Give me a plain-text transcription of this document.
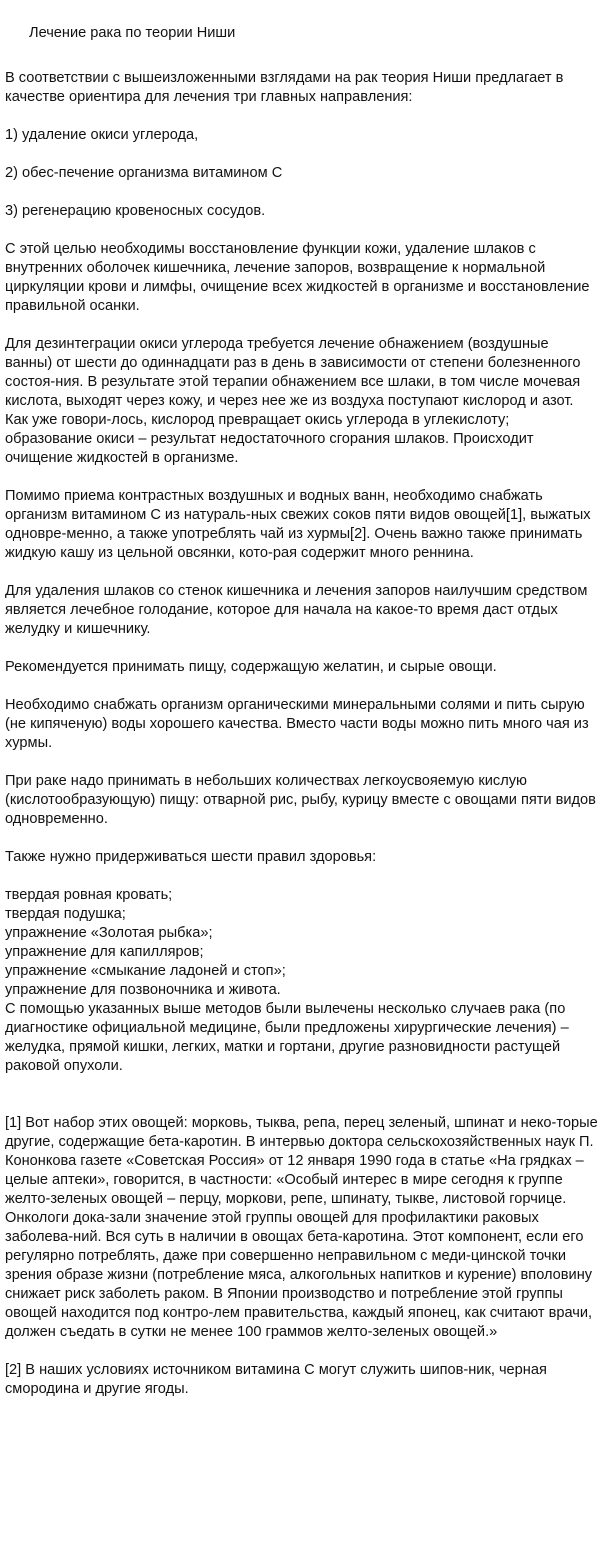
Лечение рака по теории Ниши

В соответствии с вышеизложенными взглядами на рак теория Ниши предлагает в качестве ориентира для лечения три главных направления:

1) удаление окиси углерода,

2) обес-печение организма витамином С

3) регенерацию кровеносных сосудов.

С этой целью необходимы восстановление функции кожи, удаление шлаков с внутренних оболочек кишечника, лечение запоров, возвращение к нормальной циркуляции крови и лимфы, очищение всех жидкостей в организме и восстановление правильной осанки.

Для дезинтеграции окиси углерода требуется лечение обнажением (воздушные ванны) от шести до одиннадцати раз в день в зависимости от степени болезненного состоя-ния. В результате этой терапии обнажением все шлаки, в том числе мочевая кислота, выходят через кожу, и через нее же из воздуха поступают кислород и азот. Как уже говори-лось, кислород превращает окись углерода в углекислоту; образование окиси – результат недостаточного сгорания шлаков. Происходит очищение жидкостей в организме.

Помимо приема контрастных воздушных и водных ванн, необходимо снабжать организм витамином С из натураль-ных свежих соков пяти видов овощей[1], выжатых одновре-менно, а также употреблять чай из хурмы[2]. Очень важно также принимать жидкую кашу из цельной овсянки, кото-рая содержит много реннина.

Для удаления шлаков со стенок кишечника и лечения запоров наилучшим средством является лечебное голодание, которое для начала на какое-то время даст отдых желудку и кишечнику.

Рекомендуется принимать пищу, содержащую желатин, и сырые овощи.

Необходимо снабжать организм органическими минеральными солями и пить сырую (не кипяченую) воды хорошего качества. Вместо части воды можно пить много чая из хурмы.

При раке надо принимать в небольших количествах легкоусвояемую кислую (кислотообразующую) пищу: отварной рис, рыбу, курицу вместе с овощами пяти видов одновременно.

Также нужно придерживаться шести правил здоровья:

твердая ровная кровать;
твердая подушка;
упражнение «Золотая рыбка»;
упражнение для капилляров;
упражнение «смыкание ладоней и стоп»;
упражнение для позвоночника и живота.

С помощью указанных выше методов были вылечены несколько случаев рака (по диагностике официальной медицине, были предложены хирургические лечения) – желудка, прямой кишки, легких, матки и гортани, другие разновидности растущей раковой опухоли.

[1] Вот набор этих овощей: морковь, тыква, репа, перец зеленый, шпинат и неко-торые другие, содержащие бета-каротин. В интервью доктора сельскохозяйственных наук П. Кононкова газете «Советская Россия» от 12 января 1990 года в статье «На грядках – целые аптеки», говорится, в частности: «Особый интерес в мире сегодня к группе желто-зеленых овощей – перцу, моркови, репе, шпинату, тыкве, листовой горчице. Онкологи дока-зали значение этой группы овощей для профилактики раковых заболева-ний. Вся суть в наличии в овощах бета-каротина. Этот компонент, если его регулярно потреблять, даже при совершенно неправильном с меди-цинской точки зрения образе жизни (потребление мяса, алкогольных напитков и курение) вполовину снижает риск заболеть раком. В Японии производство и потребление этой группы овощей находится под контро-лем правительства, каждый японец, как считают врачи, должен съедать в сутки не менее 100 граммов желто-зеленых овощей.»

[2] В наших условиях источником витамина С могут служить шипов-ник, черная смородина и другие ягоды.
